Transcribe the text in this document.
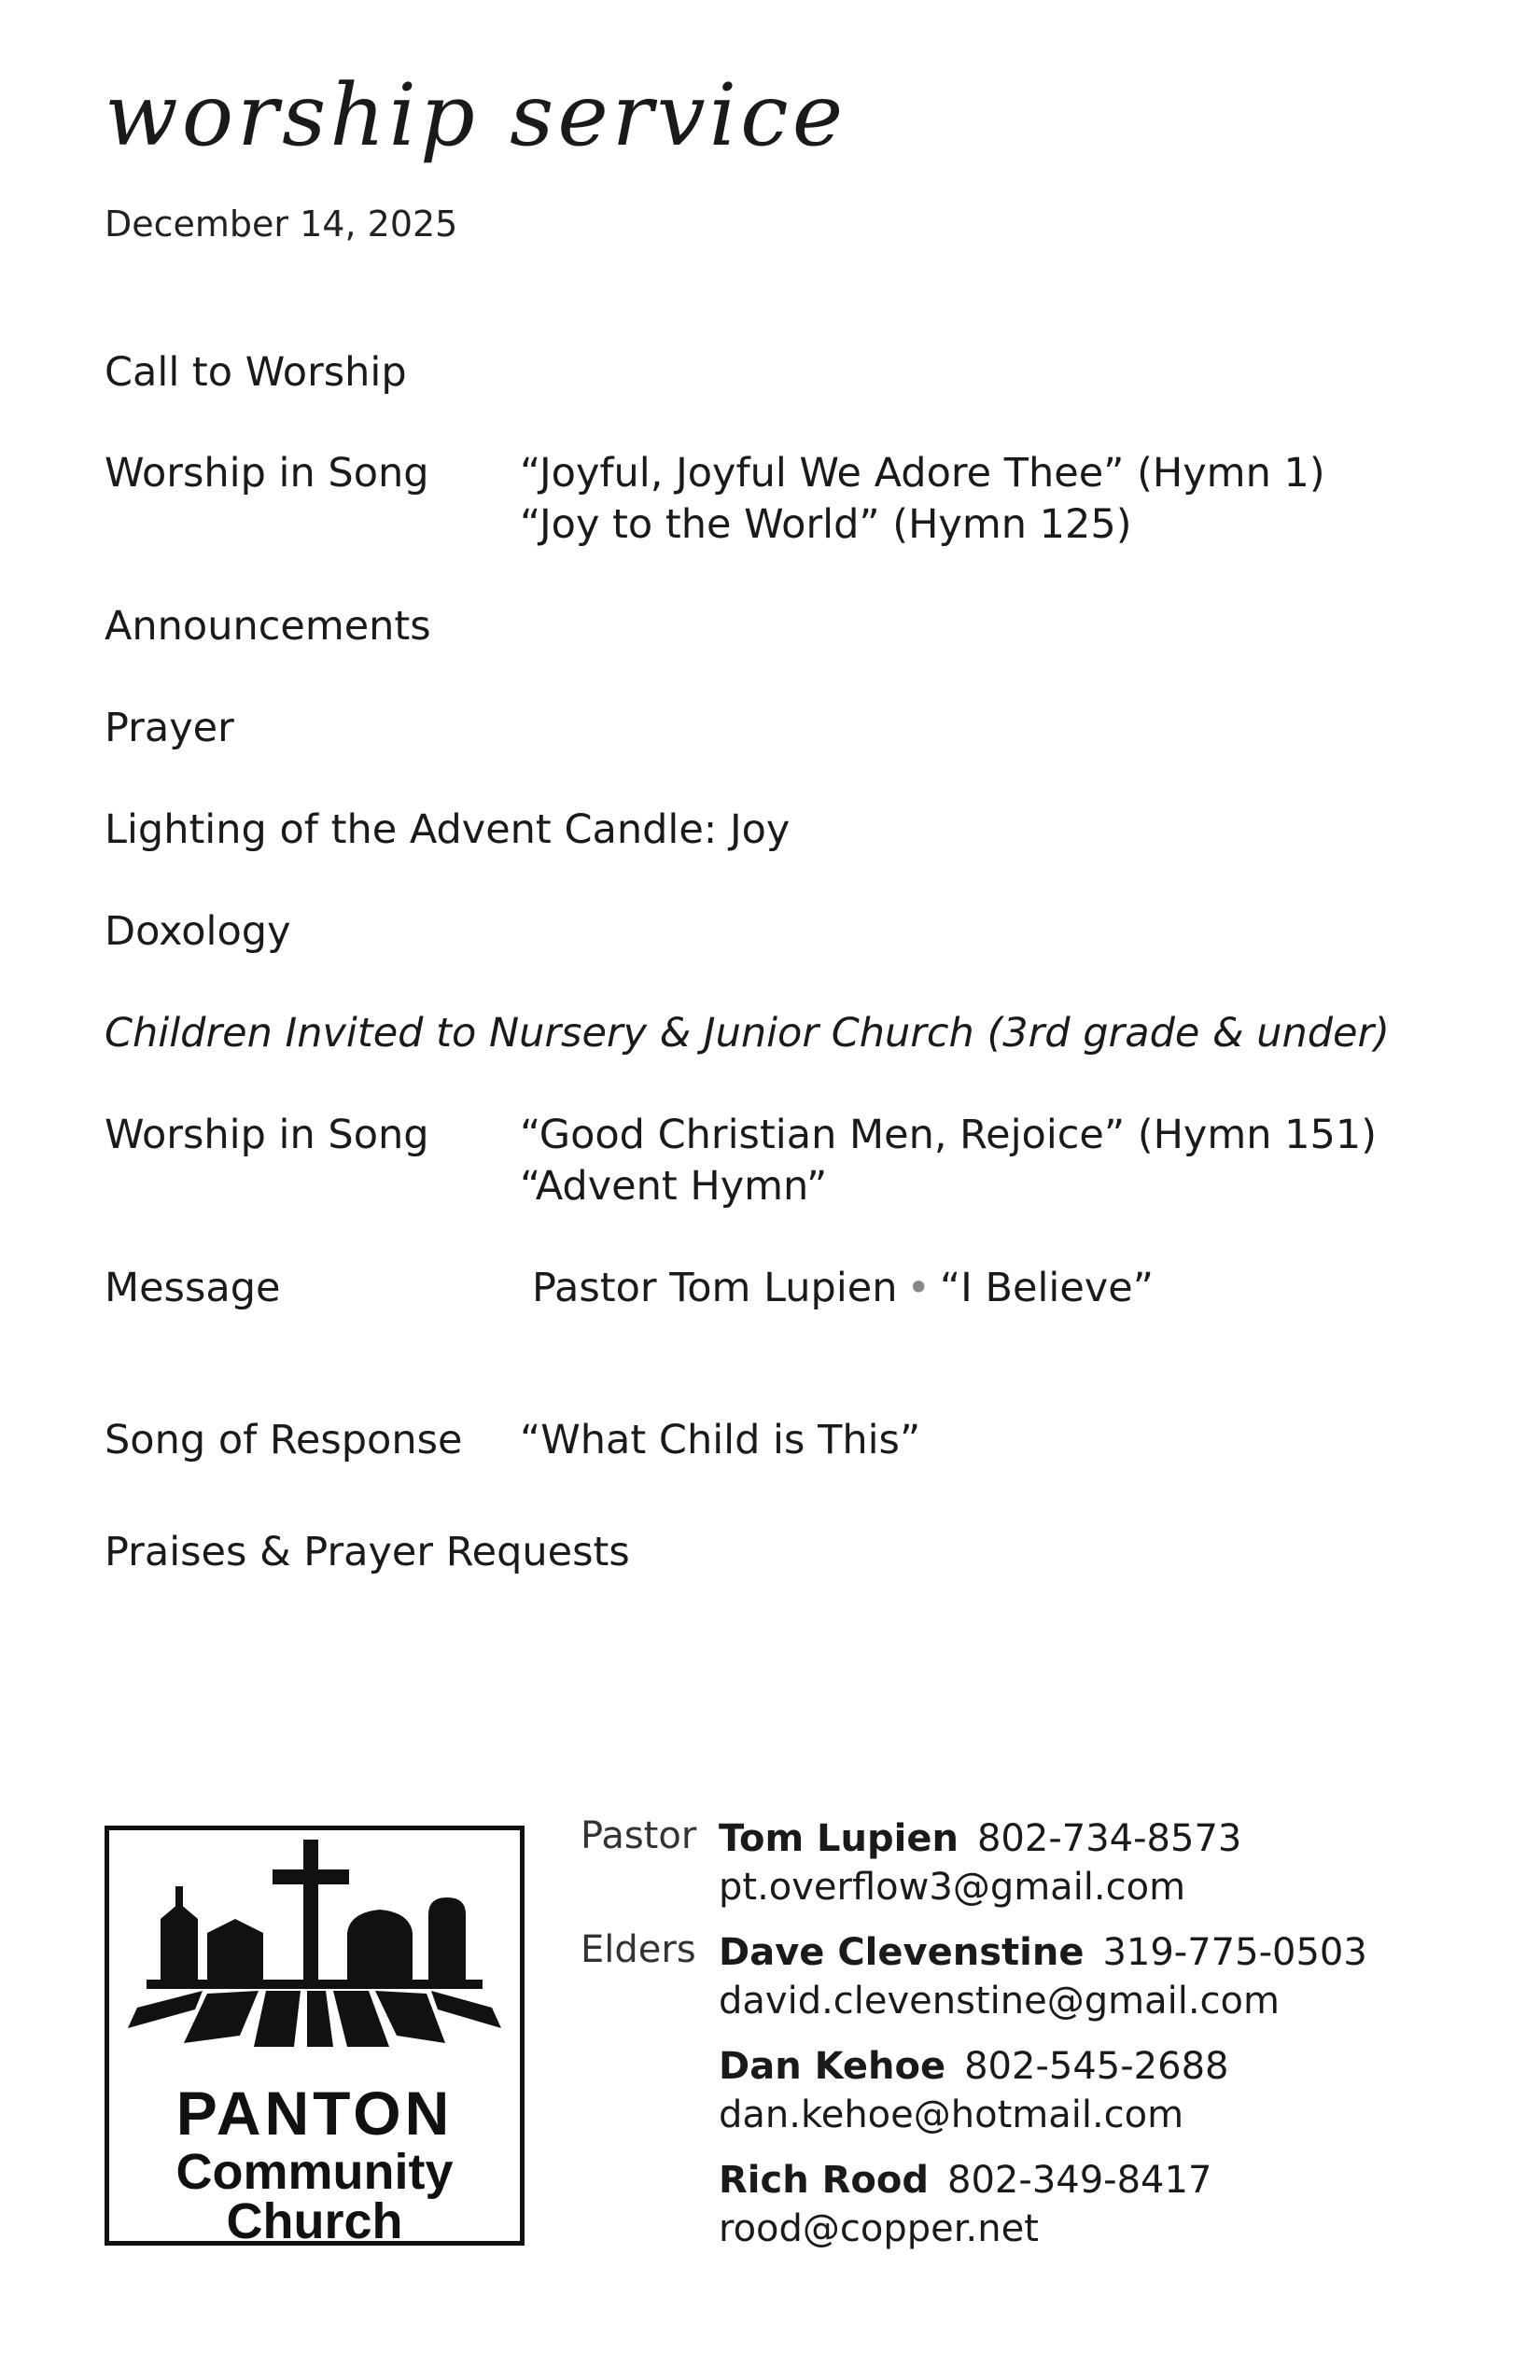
worship service
December 14, 2025
Call to Worship
Worship in Song “Joyful, Joyful We Adore Thee” (Hymn 1)
“Joy to the World” (Hymn 125)
Announcements
Prayer
Lighting of the Advent Candle: Joy
Doxology
Children Invited to Nursery & Junior Church (3rd grade & under)
Worship in Song “Good Christian Men, Rejoice” (Hymn 151)
“Advent Hymn”
Message	Pastor Tom Lupien • “I Believe”
Song of Response “What Child is This”
Praises & Prayer Requests
PANTON
Community
Church
Pastor Tom Lupien 802-734-8573
pt.overflow3@gmail.com
Elders Dave Clevenstine 319-775-0503
david.clevenstine@gmail.com
Dan Kehoe 802-545-2688
dan.kehoe@hotmail.com
Rich Rood 802-349-8417
rood@copper.net
